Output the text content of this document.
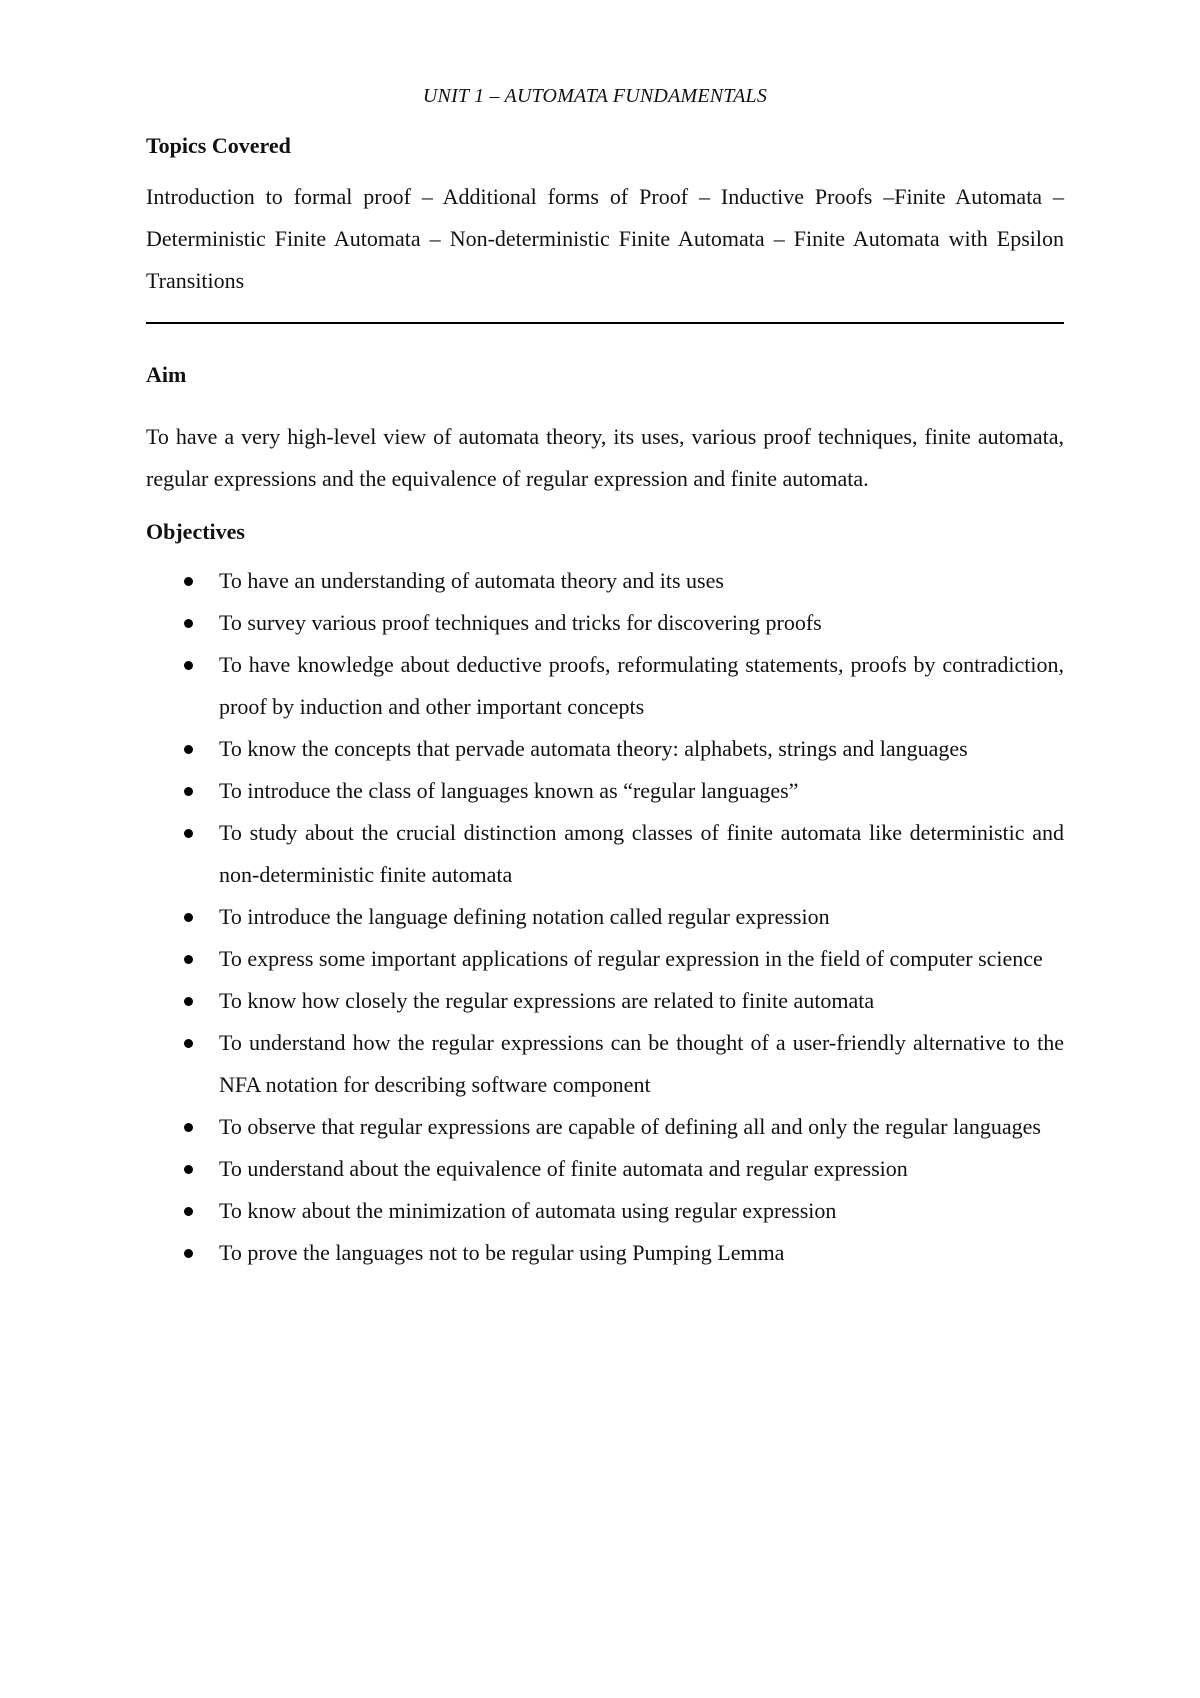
UNIT 1 – AUTOMATA FUNDAMENTALS

Topics Covered

Introduction to formal proof – Additional forms of Proof – Inductive Proofs –Finite Automata – Deterministic Finite Automata – Non-deterministic Finite Automata – Finite Automata with Epsilon Transitions

Aim

To have a very high-level view of automata theory, its uses, various proof techniques, finite automata, regular expressions and the equivalence of regular expression and finite automata.

Objectives

To have an understanding of automata theory and its uses
To survey various proof techniques and tricks for discovering proofs
To have knowledge about deductive proofs, reformulating statements, proofs by contradiction, proof by induction and other important concepts
To know the concepts that pervade automata theory: alphabets, strings and languages
To introduce the class of languages known as “regular languages”
To study about the crucial distinction among classes of finite automata like deterministic and non-deterministic finite automata
To introduce the language defining notation called regular expression
To express some important applications of regular expression in the field of computer science
To know how closely the regular expressions are related to finite automata
To understand how the regular expressions can be thought of a user-friendly alternative to the NFA notation for describing software component
To observe that regular expressions are capable of defining all and only the regular languages
To understand about the equivalence of finite automata and regular expression
To know about the minimization of automata using regular expression
To prove the languages not to be regular using Pumping Lemma
